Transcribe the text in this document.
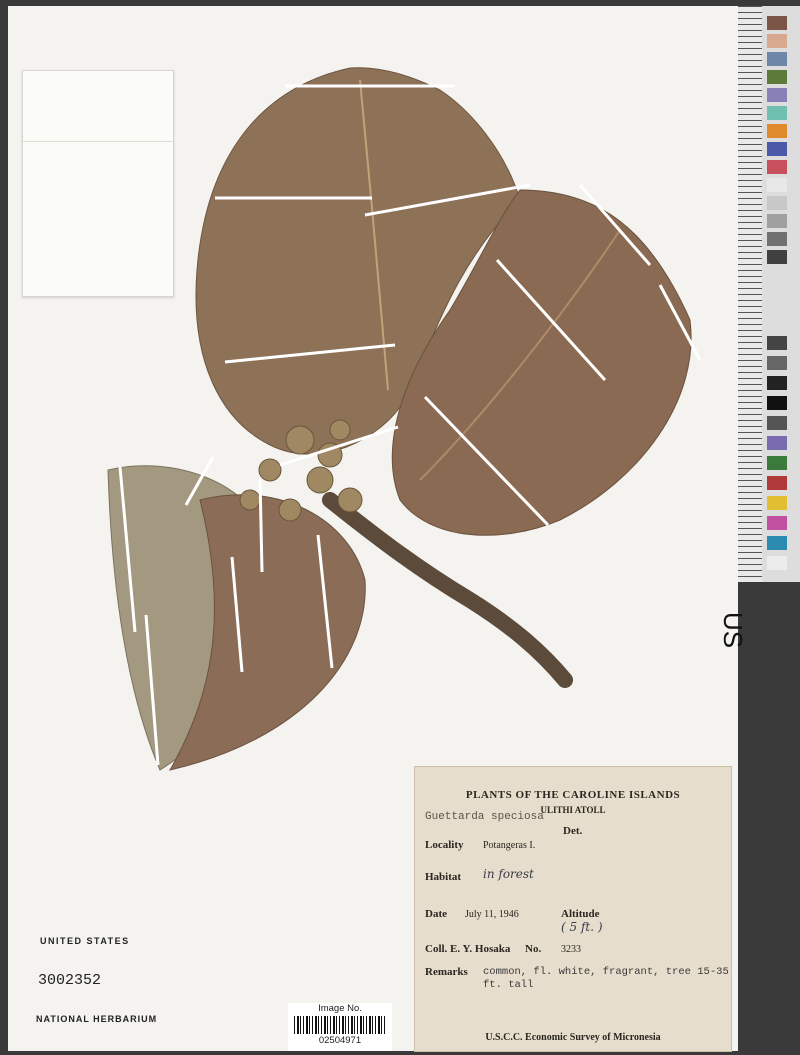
PLANTS OF THE CAROLINE ISLANDS
ULITHI ATOLL
Guettarda speciosa
Det.
Locality Potangeras I.
Habitat in forest
Date July 11, 1946	Altitude
( 5 ft. )
Coll. E. Y. Hosaka No. 3233
Remarks common, fl. white, fragrant, tree 15-35
ft. tall
U.S.C.C. Economic Survey of Micronesia
UNITED STATES
3002352
NATIONAL HERBARIUM
Image No.
02504971
US
